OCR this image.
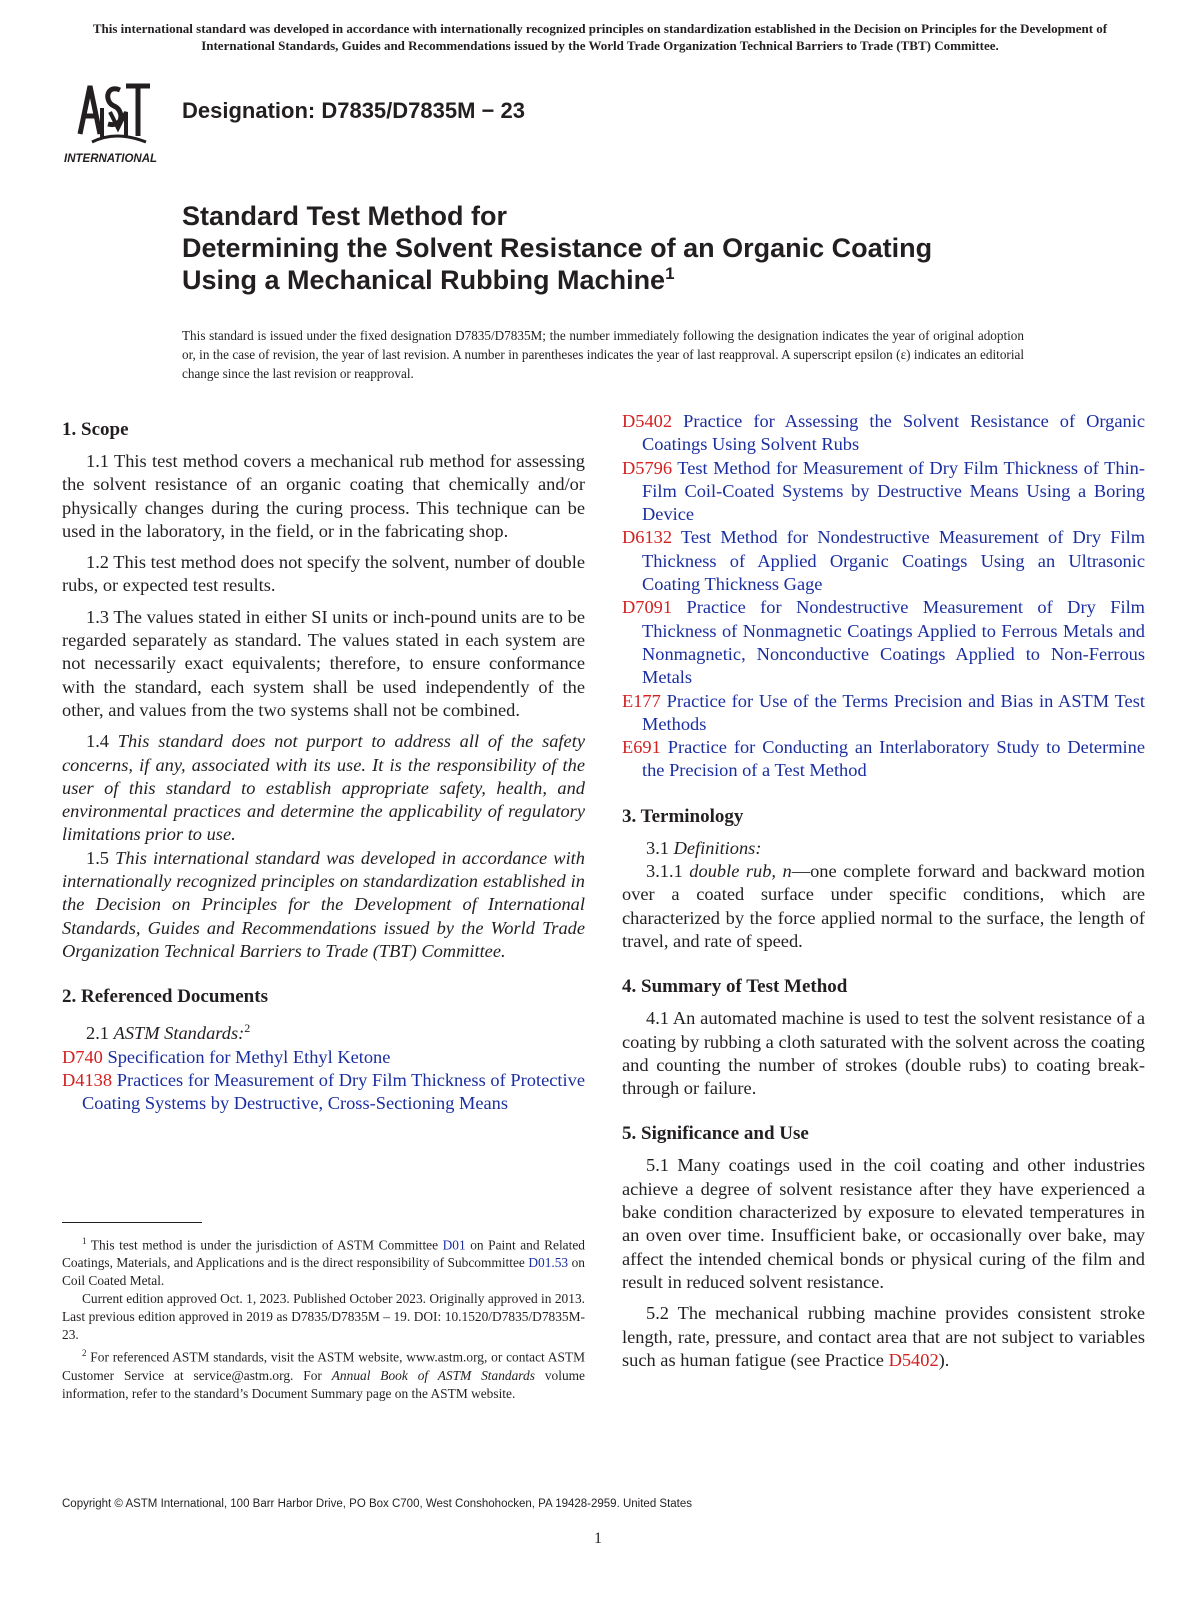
This international standard was developed in accordance with internationally recognized principles on standardization established in the Decision on Principles for the Development of International Standards, Guides and Recommendations issued by the World Trade Organization Technical Barriers to Trade (TBT) Committee.
INTERNATIONAL
Designation: D7835/D7835M − 23
Standard Test Method for
Determining the Solvent Resistance of an Organic Coating
Using a Mechanical Rubbing Machine$^1$
This standard is issued under the fixed designation D7835/D7835M; the number immediately following the designation indicates the year of original adoption or, in the case of revision, the year of last revision. A number in parentheses indicates the year of last reapproval. A superscript epsilon (ε) indicates an editorial change since the last revision or reapproval.
1. Scope

1.1 This test method covers a mechanical rub method for assessing the solvent resistance of an organic coating that chemically and/or physically changes during the curing process. This technique can be used in the laboratory, in the field, or in the fabricating shop.

1.2 This test method does not specify the solvent, number of double rubs, or expected test results.

1.3 The values stated in either SI units or inch-pound units are to be regarded separately as standard. The values stated in each system are not necessarily exact equivalents; therefore, to ensure conformance with the standard, each system shall be used independently of the other, and values from the two systems shall not be combined.

1.4 This standard does not purport to address all of the safety concerns, if any, associated with its use. It is the responsibility of the user of this standard to establish appropriate safety, health, and environmental practices and determine the applicability of regulatory limitations prior to use.

1.5 This international standard was developed in accordance with internationally recognized principles on standardization established in the Decision on Principles for the Development of International Standards, Guides and Recommendations issued by the World Trade Organization Technical Barriers to Trade (TBT) Committee.

2. Referenced Documents

2.1 ASTM Standards:$^2$

D740 Specification for Methyl Ethyl Ketone

D4138 Practices for Measurement of Dry Film Thickness of Protective Coating Systems by Destructive, Cross-Sectioning Means

D5402 Practice for Assessing the Solvent Resistance of Organic Coatings Using Solvent Rubs

D5796 Test Method for Measurement of Dry Film Thickness of Thin-Film Coil-Coated Systems by Destructive Means Using a Boring Device

D6132 Test Method for Nondestructive Measurement of Dry Film Thickness of Applied Organic Coatings Using an Ultrasonic Coating Thickness Gage

D7091 Practice for Nondestructive Measurement of Dry Film Thickness of Nonmagnetic Coatings Applied to Ferrous Metals and Nonmagnetic, Nonconductive Coatings Applied to Non-Ferrous Metals

E177 Practice for Use of the Terms Precision and Bias in ASTM Test Methods

E691 Practice for Conducting an Interlaboratory Study to Determine the Precision of a Test Method

3. Terminology

3.1 Definitions:

3.1.1 double rub, n—one complete forward and backward motion over a coated surface under specific conditions, which are characterized by the force applied normal to the surface, the length of travel, and rate of speed.

4. Summary of Test Method

4.1 An automated machine is used to test the solvent resistance of a coating by rubbing a cloth saturated with the solvent across the coating and counting the number of strokes (double rubs) to coating break-through or failure.

5. Significance and Use

5.1 Many coatings used in the coil coating and other industries achieve a degree of solvent resistance after they have experienced a bake condition characterized by exposure to elevated temperatures in an oven over time. Insufficient bake, or occasionally over bake, may affect the intended chemical bonds or physical curing of the film and result in reduced solvent resistance.

5.2 The mechanical rubbing machine provides consistent stroke length, rate, pressure, and contact area that are not subject to variables such as human fatigue (see Practice D5402).

$^1$ This test method is under the jurisdiction of ASTM Committee D01 on Paint and Related Coatings, Materials, and Applications and is the direct responsibility of Subcommittee D01.53 on Coil Coated Metal.

Current edition approved Oct. 1, 2023. Published October 2023. Originally approved in 2013. Last previous edition approved in 2019 as D7835/D7835M – 19. DOI: 10.1520/D7835/D7835M-23.

$^2$ For referenced ASTM standards, visit the ASTM website, www.astm.org, or contact ASTM Customer Service at service@astm.org. For Annual Book of ASTM Standards volume information, refer to the standard’s Document Summary page on the ASTM website.

Copyright © ASTM International, 100 Barr Harbor Drive, PO Box C700, West Conshohocken, PA 19428-2959. United States
1
